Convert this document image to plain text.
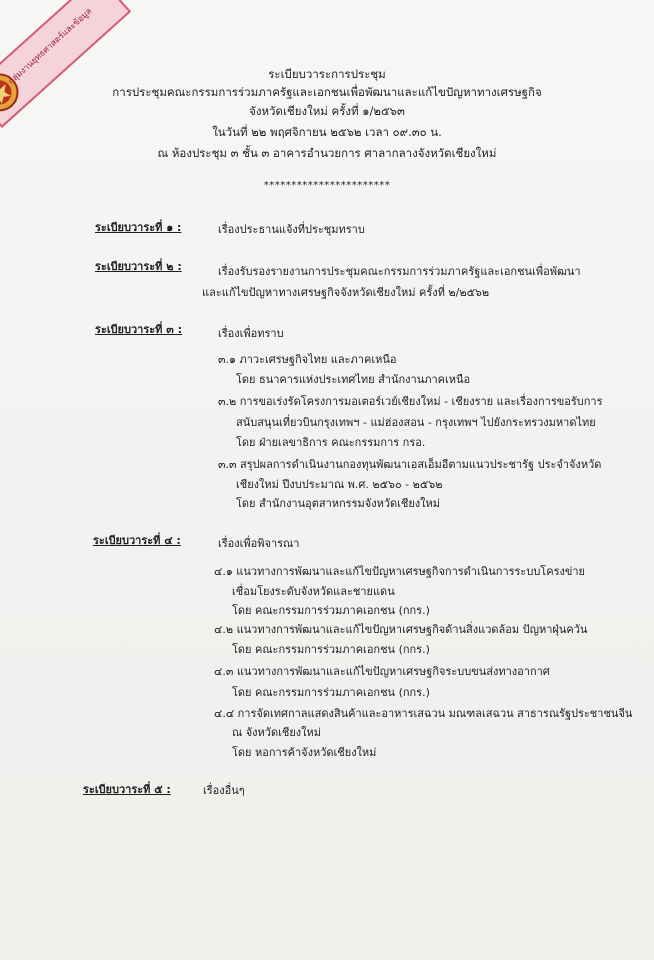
กลุ่มงานยุทธศาสตร์และข้อมูล	ระเบียบวาระการประชุม
การประชุมคณะกรรมการร่วมภาครัฐและเอกชนเพื่อพัฒนาและแก้ไขปัญหาทางเศรษฐกิจ
จังหวัดเชียงใหม่ ครั้งที่ ๑/๒๕๖๓
ในวันที่ ๒๒ พฤศจิกายน ๒๕๖๒ เวลา ๐๙.๓๐ น.
ณ ห้องประชุม ๓ ชั้น ๓ อาคารอำนวยการ ศาลากลางจังหวัดเชียงใหม่
***********************
ระเบียบวาระที่ ๑ :	เรื่องประธานแจ้งที่ประชุมทราบ
ระเบียบวาระที่ ๒ :	เรื่องรับรองรายงานการประชุมคณะกรรมการร่วมภาครัฐและเอกชนเพื่อพัฒนา
และแก้ไขปัญหาทางเศรษฐกิจจังหวัดเชียงใหม่ ครั้งที่ ๒/๒๕๖๒
ระเบียบวาระที่ ๓ :	เรื่องเพื่อทราบ
๓.๑ ภาวะเศรษฐกิจไทย และภาคเหนือ
โดย ธนาคารแห่งประเทศไทย สำนักงานภาคเหนือ
๓.๒ การขอเร่งรัดโครงการมอเตอร์เวย์เชียงใหม่ - เชียงราย และเรื่องการขอรับการ
สนับสนุนเที่ยวบินกรุงเทพฯ - แม่ฮ่องสอน - กรุงเทพฯ ไปยังกระทรวงมหาดไทย
โดย ฝ่ายเลขาธิการ คณะกรรมการ กรอ.
๓.๓ สรุปผลการดำเนินงานกองทุนพัฒนาเอสเอ็มอีตามแนวประชารัฐ ประจำจังหวัด
เชียงใหม่ ปีงบประมาณ พ.ศ. ๒๕๖๐ - ๒๕๖๒
โดย สำนักงานอุตสาหกรรมจังหวัดเชียงใหม่
ระเบียบวาระที่ ๔ :	เรื่องเพื่อพิจารณา
๔.๑ แนวทางการพัฒนาและแก้ไขปัญหาเศรษฐกิจการดำเนินการระบบโครงข่าย
เชื่อมโยงระดับจังหวัดและชายแดน
โดย คณะกรรมการร่วมภาคเอกชน (กกร.)
๔.๒ แนวทางการพัฒนาและแก้ไขปัญหาเศรษฐกิจด้านสิ่งแวดล้อม ปัญหาฝุ่นควัน
โดย คณะกรรมการร่วมภาคเอกชน (กกร.)
๔.๓ แนวทางการพัฒนาและแก้ไขปัญหาเศรษฐกิจระบบขนส่งทางอากาศ
โดย คณะกรรมการร่วมภาคเอกชน (กกร.)
๔.๔ การจัดเทศกาลแสดงสินค้าและอาหารเสฉวน มณฑลเสฉวน สาธารณรัฐประชาชนจีน
ณ จังหวัดเชียงใหม่
โดย หอการค้าจังหวัดเชียงใหม่
ระเบียบวาระที่ ๕ :	เรื่องอื่นๆ
